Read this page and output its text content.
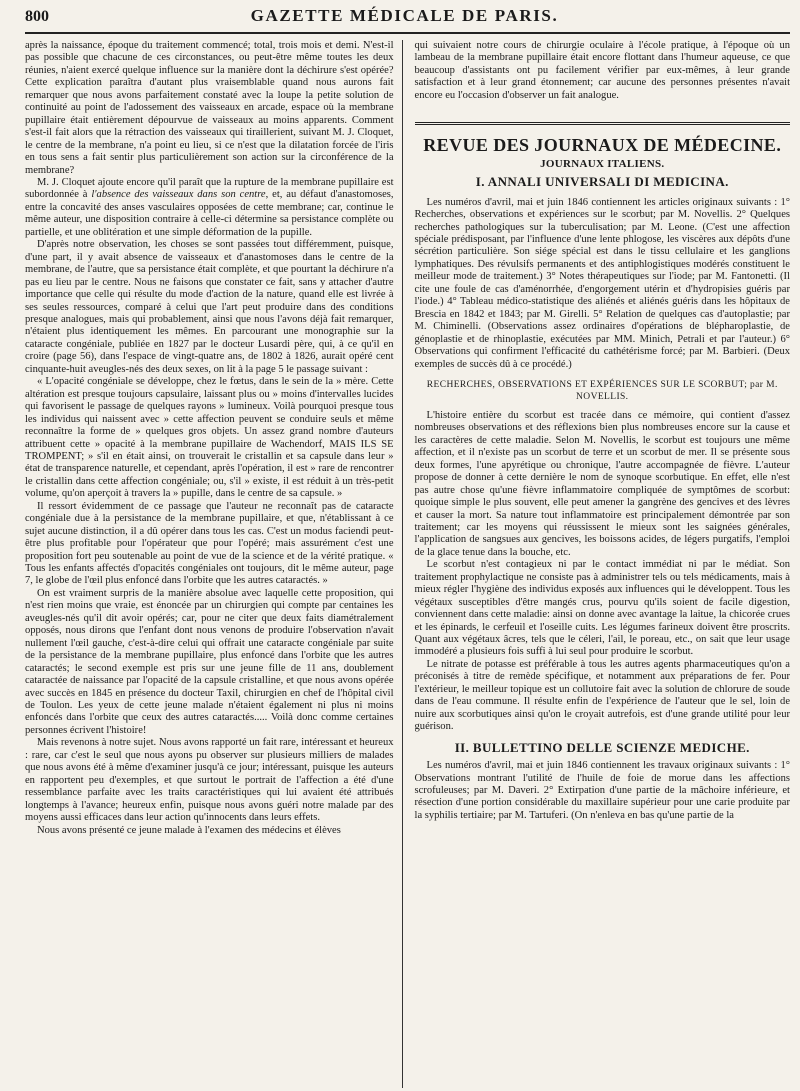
800	GAZETTE MÉDICALE DE PARIS.

après la naissance, époque du traitement commencé; total, trois mois et demi. N'est-il pas possible que chacune de ces circonstances, ou peut-être même toutes les deux réunies, n'aient exercé quelque influence sur la manière dont la déchirure s'est opérée? Cette explication paraîtra d'autant plus vraisemblable quand nous aurons fait remarquer que nous avons parfaitement constaté avec la loupe la petite solution de continuité au point de l'adossement des vaisseaux en arcade, espace où la membrane pupillaire était entièrement dépourvue de vaisseaux au moins apparents. Comment s'est-il fait alors que la rétraction des vaisseaux qui tiraillerient, suivant M. J. Cloquet, le centre de la membrane, n'a point eu lieu, si ce n'est que la dilatation forcée de l'iris en tous sens a fait sentir plus particulièrement son action sur la circonférence de la membrane?

M. J. Cloquet ajoute encore qu'il paraît que la rupture de la membrane pupillaire est subordonnée à l'absence des vaisseaux dans son centre, et, au défaut d'anastomoses, entre la concavité des anses vasculaires opposées de cette membrane; car, continue le même auteur, une disposition contraire à celle-ci détermine sa persistance complète ou partielle, et une oblitération et une simple déformation de la pupille.

D'après notre observation, les choses se sont passées tout différemment, puisque, d'une part, il y avait absence de vaisseaux et d'anastomoses dans le centre de la membrane, de l'autre, que sa persistance était complète, et que pourtant la déchirure n'a pas eu lieu par le centre. Nous ne faisons que constater ce fait, sans y attacher d'autre importance que celle qui résulte du mode d'action de la nature, quand elle est livrée à ses seules ressources, comparé à celui que l'art peut produire dans des conditions presque analogues, mais qui probablement, ainsi que nous l'avons déjà fait remarquer, n'étaient plus identiquement les mêmes. En parcourant une monographie sur la cataracte congéniale, publiée en 1827 par le docteur Lusardi père, qui, à ce qu'il en croire (page 56), dans l'espace de vingt-quatre ans, de 1802 à 1826, aurait opéré cent cinquante-huit aveugles-nés des deux sexes, on lit à la page 5 le passage suivant :

« L'opacité congéniale se développe, chez le fœtus, dans le sein de la » mère. Cette altération est presque toujours capsulaire, laissant plus ou » moins d'intervalles lucides qui favorisent le passage de quelques rayons » lumineux. Voilà pourquoi presque tous les individus qui naissent avec » cette affection peuvent se conduire seuls et même reconnaître la forme de » quelques gros objets. Un assez grand nombre d'auteurs attribuent cette » opacité à la membrane pupillaire de Wachendorf, MAIS ILS SE TROMPENT; » s'il en était ainsi, on trouverait le cristallin et sa capsule dans leur » état de transparence naturelle, et cependant, après l'opération, il est » rare de rencontrer le cristallin dans cette affection congéniale; ou, s'il » existe, il est réduit à un très-petit volume, qu'on aperçoit à travers la » pupille, dans le centre de sa capsule. »

Il ressort évidemment de ce passage que l'auteur ne reconnaît pas de cataracte congéniale due à la persistance de la membrane pupillaire, et que, n'établissant à ce sujet aucune distinction, il a dû opérer dans tous les cas. C'est un modus faciendi peut-être plus profitable pour l'opérateur que pour l'opéré; mais assurément c'est une proposition fort peu soutenable au point de vue de la science et de la vérité pratique. « Tous les enfants affectés d'opacités congéniales ont toujours, dit le même auteur, page 7, le globe de l'œil plus enfoncé dans l'orbite que les autres cataractés. »

On est vraiment surpris de la manière absolue avec laquelle cette proposition, qui n'est rien moins que vraie, est énoncée par un chirurgien qui compte par centaines les aveugles-nés qu'il dit avoir opérés; car, pour ne citer que deux faits diamétralement opposés, nous dirons que l'enfant dont nous venons de produire l'observation n'avait nullement l'œil gauche, c'est-à-dire celui qui offrait une cataracte congéniale par suite de la persistance de la membrane pupillaire, plus enfoncé dans l'orbite que les autres cataractés; le second exemple est pris sur une jeune fille de 11 ans, doublement cataractée de naissance par l'opacité de la capsule cristalline, et que nous avons opérée avec succès en 1845 en présence du docteur Taxil, chirurgien en chef de l'hôpital civil de Toulon. Les yeux de cette jeune malade n'étaient également ni plus ni moins enfoncés dans l'orbite que ceux des autres cataractés..... Voilà donc comme certaines personnes écrivent l'histoire!

Mais revenons à notre sujet. Nous avons rapporté un fait rare, intéressant et heureux : rare, car c'est le seul que nous ayons pu observer sur plusieurs milliers de malades que nous avons été à même d'examiner jusqu'à ce jour; intéressant, puisque les auteurs en rapportent peu d'exemples, et que surtout le portrait de l'affection a été d'une ressemblance parfaite avec les traits caractéristiques qui lui avaient été attribués longtemps à l'avance; heureux enfin, puisque nous avons guéri notre malade par des moyens aussi efficaces dans leur action qu'innocents dans leurs effets.

Nous avons présenté ce jeune malade à l'examen des médecins et élèves

qui suivaient notre cours de chirurgie oculaire à l'école pratique, à l'époque où un lambeau de la membrane pupillaire était encore flottant dans l'humeur aqueuse, ce que beaucoup d'assistants ont pu facilement vérifier par eux-mêmes, à leur grande satisfaction et à leur grand étonnement; car aucune des personnes présentes n'avait encore eu l'occasion d'observer un fait analogue.

REVUE DES JOURNAUX DE MÉDECINE.
JOURNAUX ITALIENS.
I. ANNALI UNIVERSALI DI MEDICINA.

Les numéros d'avril, mai et juin 1846 contiennent les articles originaux suivants : 1° Recherches, observations et expériences sur le scorbut; par M. Novellis. 2° Quelques recherches pathologiques sur la tuberculisation; par M. Leone. (C'est une affection spéciale prédisposant, par l'influence d'une lente phlogose, les viscères aux dépôts d'une sécrétion particulière. Son siége spécial est dans le tissu cellulaire et les ganglions lymphatiques. Des révulsifs permanents et des antiphlogistiques modérés constituent le meilleur mode de traitement.) 3° Notes thérapeutiques sur l'iode; par M. Fantonetti. (Il cite une foule de cas d'aménorrhée, d'engorgement utérin et d'hydropisies guéris par l'iode.) 4° Tableau médico-statistique des aliénés et aliénés guéris dans les hôpitaux de Brescia en 1842 et 1843; par M. Girelli. 5° Relation de quelques cas d'autoplastie; par M. Chiminelli. (Observations assez ordinaires d'opérations de blépharoplastie, de génoplastie et de rhinoplastie, exécutées par MM. Minich, Petrali et par l'auteur.) 6° Observations qui confirment l'efficacité du cathétérisme forcé; par M. Barbieri. (Deux exemples de succès dû à ce procédé.)

RECHERCHES, OBSERVATIONS ET EXPÉRIENCES SUR LE SCORBUT; par M. NOVELLIS.

L'histoire entière du scorbut est tracée dans ce mémoire, qui contient d'assez nombreuses observations et des réflexions bien plus nombreuses encore sur la cause et les caractères de cette maladie. Selon M. Novellis, le scorbut est toujours une même affection, et il n'existe pas un scorbut de terre et un scorbut de mer. Il se présente sous deux formes, l'une apyrétique ou chronique, l'autre accompagnée de fièvre. L'auteur propose de donner à cette dernière le nom de synoque scorbutique. En effet, elle n'est pas autre chose qu'une fièvre inflammatoire compliquée de symptômes de scorbut: quoique simple le plus souvent, elle peut amener la gangrène des gencives et des lèvres et causer la mort. Sa nature tout inflammatoire est principalement démontrée par son traitement; car les moyens qui réussissent le mieux sont les saignées générales, l'application de sangsues aux gencives, les boissons acides, de légers purgatifs, l'emploi de la glace tenue dans la bouche, etc.

Le scorbut n'est contagieux ni par le contact immédiat ni par le médiat. Son traitement prophylactique ne consiste pas à administrer tels ou tels médicaments, mais à mieux régler l'hygiène des individus exposés aux influences qui le développent. Tous les végétaux susceptibles d'être mangés crus, pourvu qu'ils soient de facile digestion, conviennent dans cette maladie: ainsi on donne avec avantage la laitue, la chicorée crues et les épinards, le cerfeuil et l'oseille cuits. Les légumes farineux doivent être proscrits. Quant aux végétaux âcres, tels que le céleri, l'ail, le poreau, etc., on sait que leur usage immodéré a plusieurs fois suffi à lui seul pour produire le scorbut.

Le nitrate de potasse est préférable à tous les autres agents pharmaceutiques qu'on a préconisés à titre de remède spécifique, et notamment aux préparations de fer. Pour l'extérieur, le meilleur topique est un collutoire fait avec la solution de chlorure de soude dans de l'eau commune. Il résulte enfin de l'expérience de l'auteur que le sel, loin de nuire aux scorbutiques ainsi qu'on le croyait autrefois, est d'une grande utilité pour leur guérison.

II. BULLETTINO DELLE SCIENZE MEDICHE.

Les numéros d'avril, mai et juin 1846 contiennent les travaux originaux suivants : 1° Observations montrant l'utilité de l'huile de foie de morue dans les affections scrofuleuses; par M. Daveri. 2° Extirpation d'une partie de la mâchoire inférieure, et résection d'une portion considérable du maxillaire supérieur pour une carie produite par la syphilis tertiaire; par M. Tartuferi. (On n'enleva en bas qu'une partie de la
